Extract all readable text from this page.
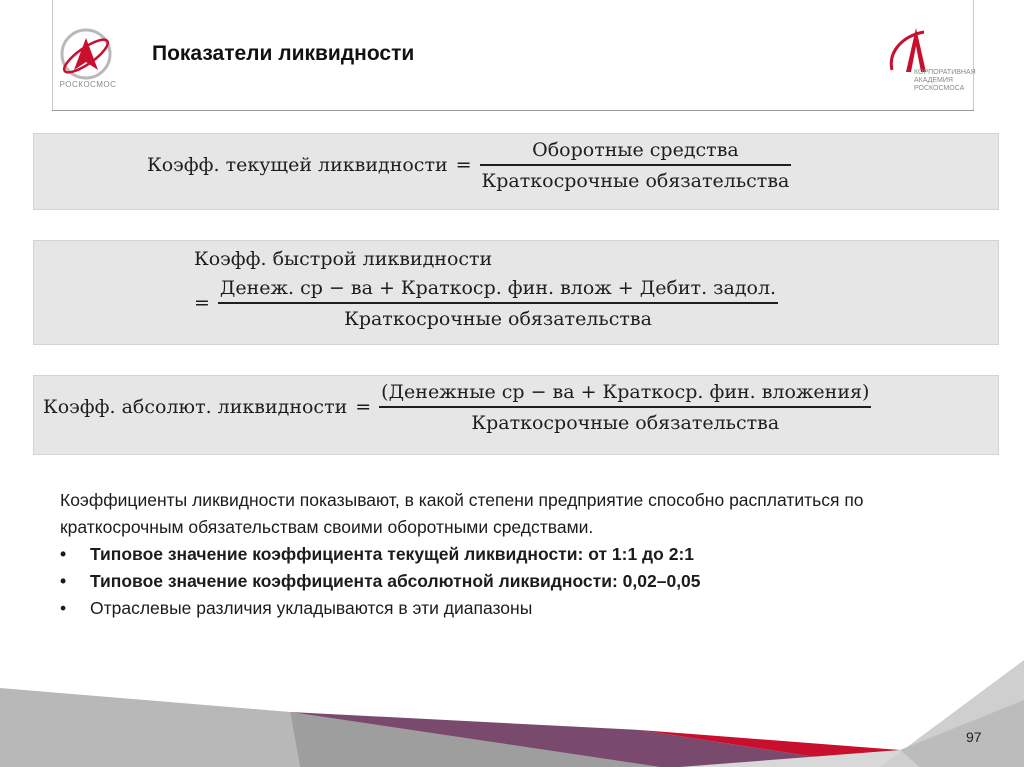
РОСКОСМОС
Показатели ликвидности
КОРПОРАТИВНАЯ
АКАДЕМИЯ
РОСКОСМОСА
Коэфф. текущей ликвидности = $\frac{\text{Оборотные средства}}{\text{Краткосрочные обязательства}}$
Коэфф. быстрой ликвидности
= $\frac{\text{Денеж. ср − ва + Краткоср. фин. влож + Дебит. задол.}}{\text{Краткосрочные обязательства}}$
Коэфф. абсолют. ликвидности = $\frac{\text{(Денежные ср − ва + Краткоср. фин. вложения)}}{\text{Краткосрочные обязательства}}$

Коэффициенты ликвидности показывают, в какой степени предприятие способно расплатиться по краткосрочным обязательствам своими оборотными средствами.

• Типовое значение коэффициента текущей ликвидности: от 1:1 до 2:1
• Типовое значение коэффициента абсолютной ликвидности: 0,02–0,05
• Отраслевые различия укладываются в эти диапазоны
97
